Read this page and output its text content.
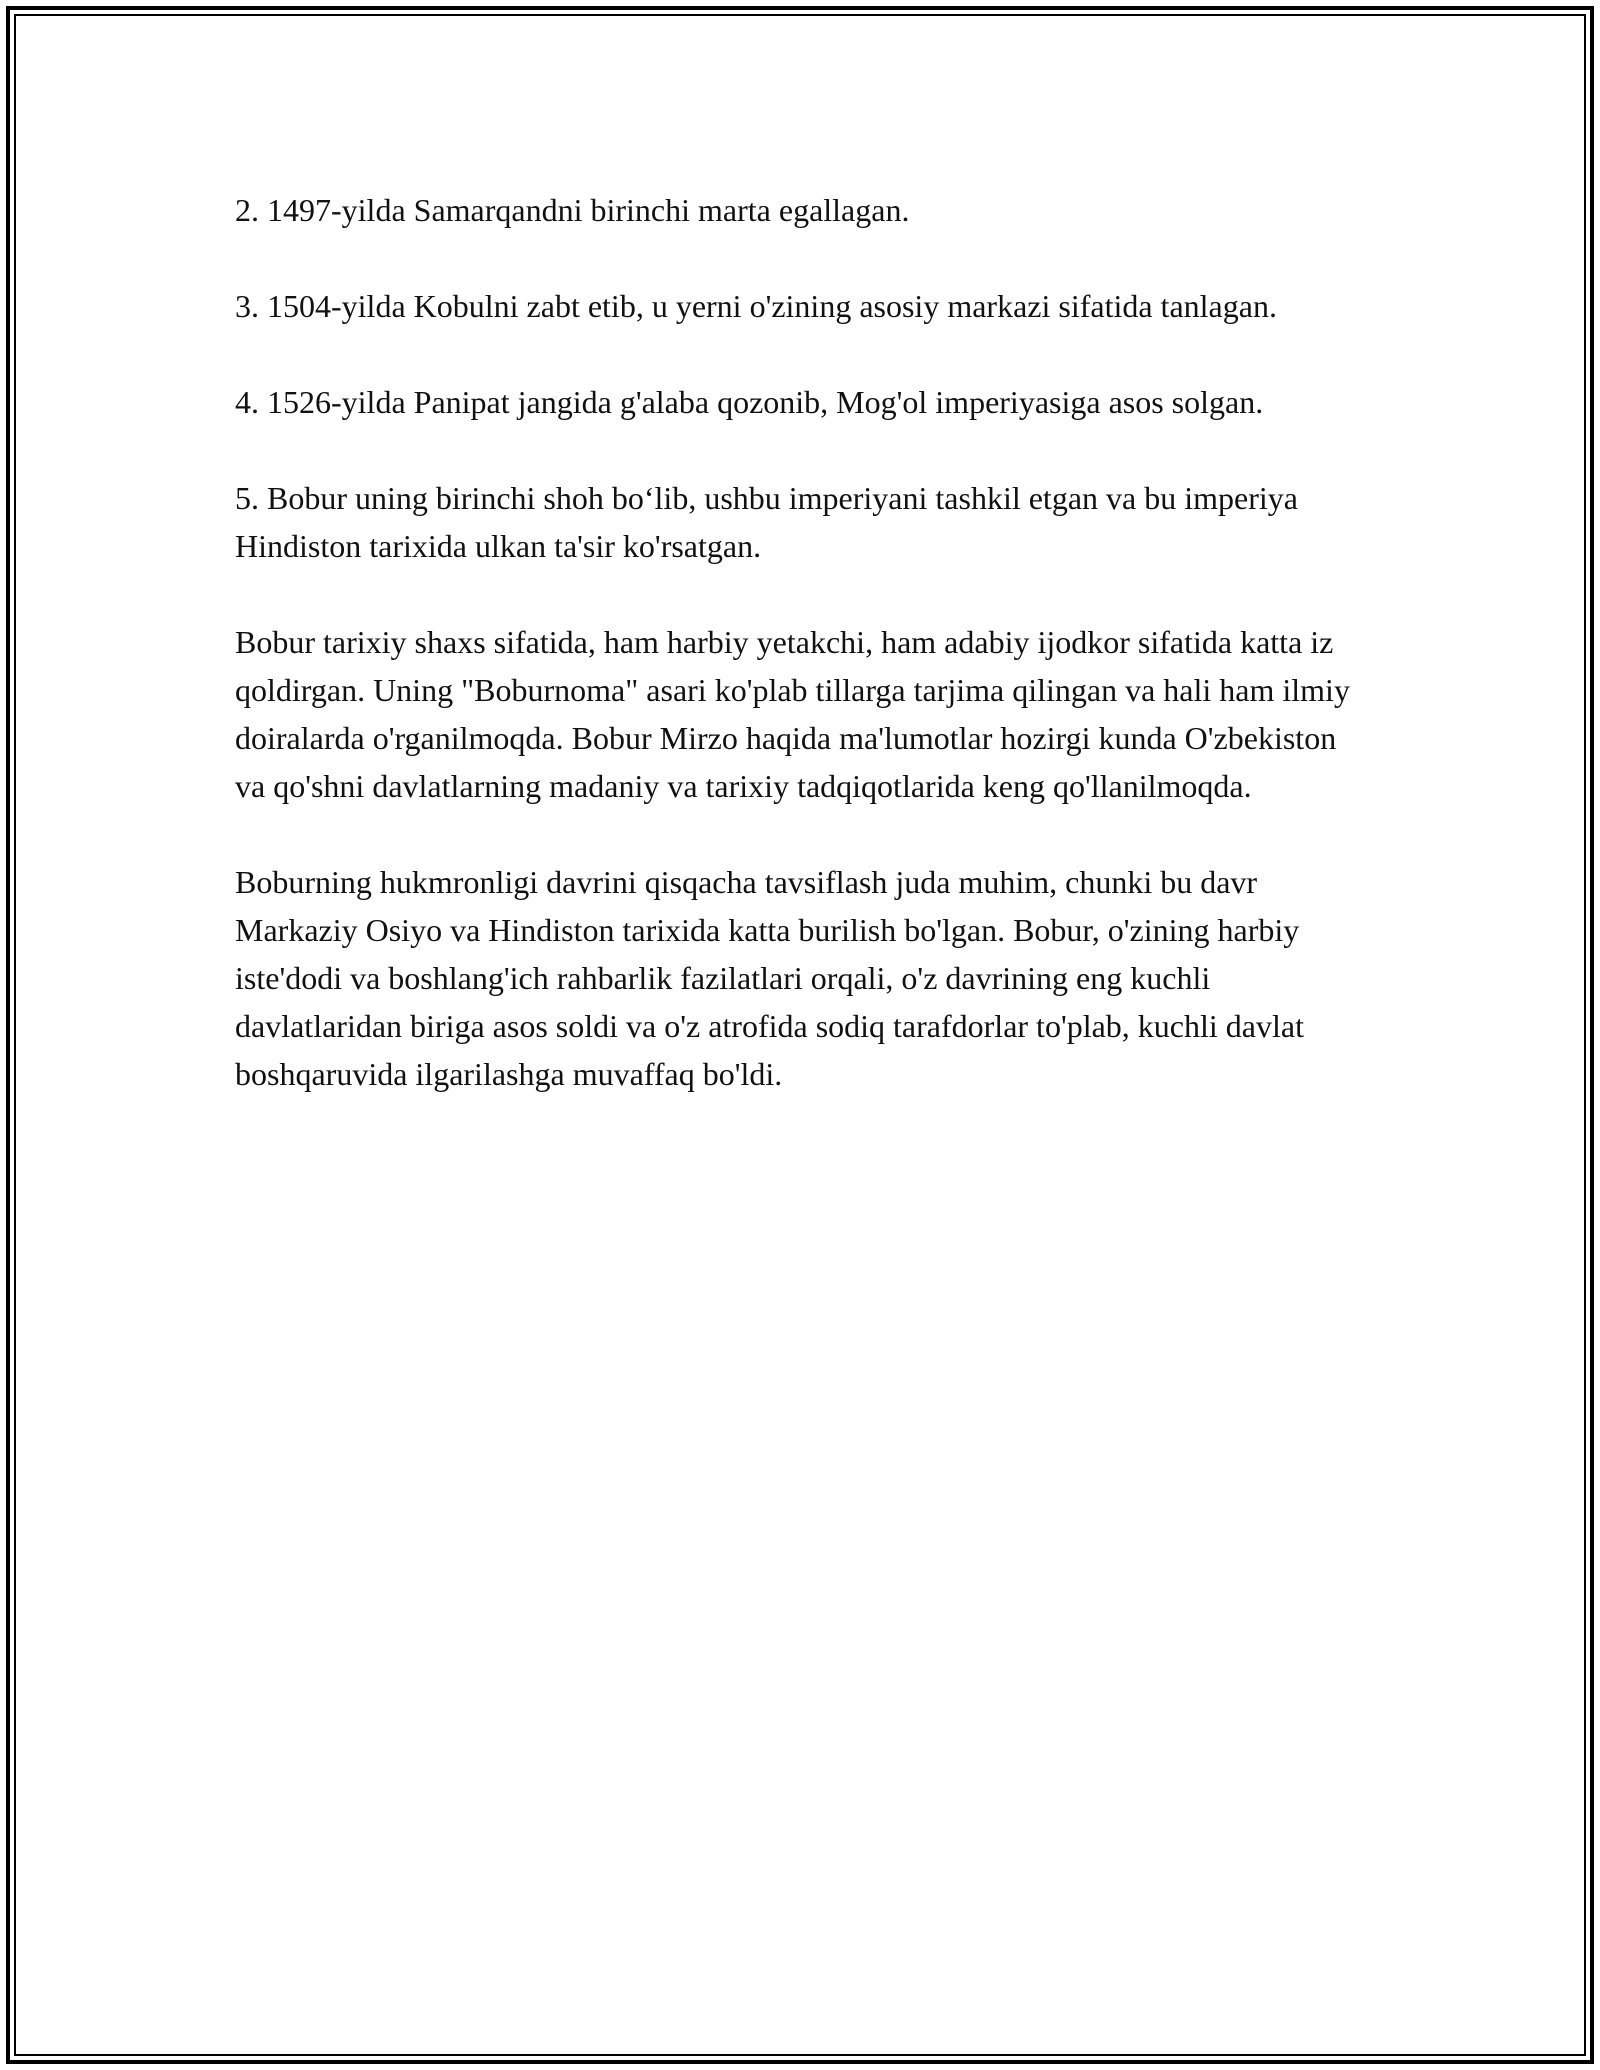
2. 1497-yilda Samarqandni birinchi marta egallagan.

3. 1504-yilda Kobulni zabt etib, u yerni o'zining asosiy markazi sifatida tanlagan.

4. 1526-yilda Panipat jangida g'alaba qozonib, Mog'ol imperiyasiga asos solgan.

5. Bobur uning birinchi shoh bo‘lib, ushbu imperiyani tashkil etgan va bu imperiya Hindiston tarixida ulkan ta'sir ko'rsatgan.

Bobur tarixiy shaxs sifatida, ham harbiy yetakchi, ham adabiy ijodkor sifatida katta iz qoldirgan. Uning "Boburnoma" asari ko'plab tillarga tarjima qilingan va hali ham ilmiy doiralarda o'rganilmoqda. Bobur Mirzo haqida ma'lumotlar hozirgi kunda O'zbekiston va qo'shni davlatlarning madaniy va tarixiy tadqiqotlarida keng qo'llanilmoqda.

Boburning hukmronligi davrini qisqacha tavsiflash juda muhim, chunki bu davr Markaziy Osiyo va Hindiston tarixida katta burilish bo'lgan. Bobur, o'zining harbiy iste'dodi va boshlang'ich rahbarlik fazilatlari orqali, o'z davrining eng kuchli davlatlaridan biriga asos soldi va o'z atrofida sodiq tarafdorlar to'plab, kuchli davlat boshqaruvida ilgarilashga muvaffaq bo'ldi.
